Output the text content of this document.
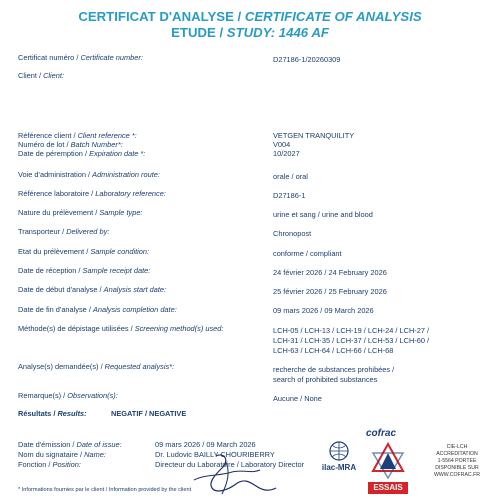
CERTIFICAT D'ANALYSE / CERTIFICATE OF ANALYSIS
ETUDE / STUDY: 1446 AF
Certificat numéro / Certificate number:	D27186-1/20260309
Client / Client:
Référence client / Client reference *:	VETGEN TRANQUILITY
Numéro de lot / Batch Number*:	V004
Date de péremption / Expiration date *:	10/2027
Voie d'administration / Administration route:	orale / oral
Référence laboratoire / Laboratory reference:	D27186-1
Nature du prélèvement / Sample type:	urine et sang / urine and blood
Transporteur / Delivered by:	Chronopost
Etat du prélèvement / Sample condition:	conforme / compliant
Date de réception / Sample receipt date:	24 février 2026 / 24 February 2026
Date de début d'analyse / Analysis start date:	25 février 2026 / 25 February 2026
Date de fin d'analyse / Analysis completion date:	09 mars 2026 / 09 March 2026
Méthode(s) de dépistage utilisées / Screening method(s) used:	LCH-05 / LCH-13 / LCH-19 / LCH-24 / LCH-27 /
LCH-31 / LCH-35 / LCH-37 / LCH-53 / LCH-60 /
LCH-63 / LCH-64 / LCH-66 / LCH-68
Analyse(s) demandée(s) / Requested analysis*:	recherche de substances prohibées /
search of prohibited substances
Remarque(s) / Observation(s):	Aucune / None
Résultats / Results:	NEGATIF / NEGATIVE
Date d'émission / Date of issue:	09 mars 2026 / 09 March 2026
Nom du signataire / Name:	Dr. Ludovic BAILLY-CHOURIBERRY
Fonction / Position:	Directeur du Laboratoire / Laboratory Director
* Informations fournies par le client / Information provided by the client
ilac-MRA
cofrac
ESSAIS
CIE-LCH
ACCREDITATION
1-5564 PORTEE
DISPONIBLE SUR
WWW.COFRAC.FR
